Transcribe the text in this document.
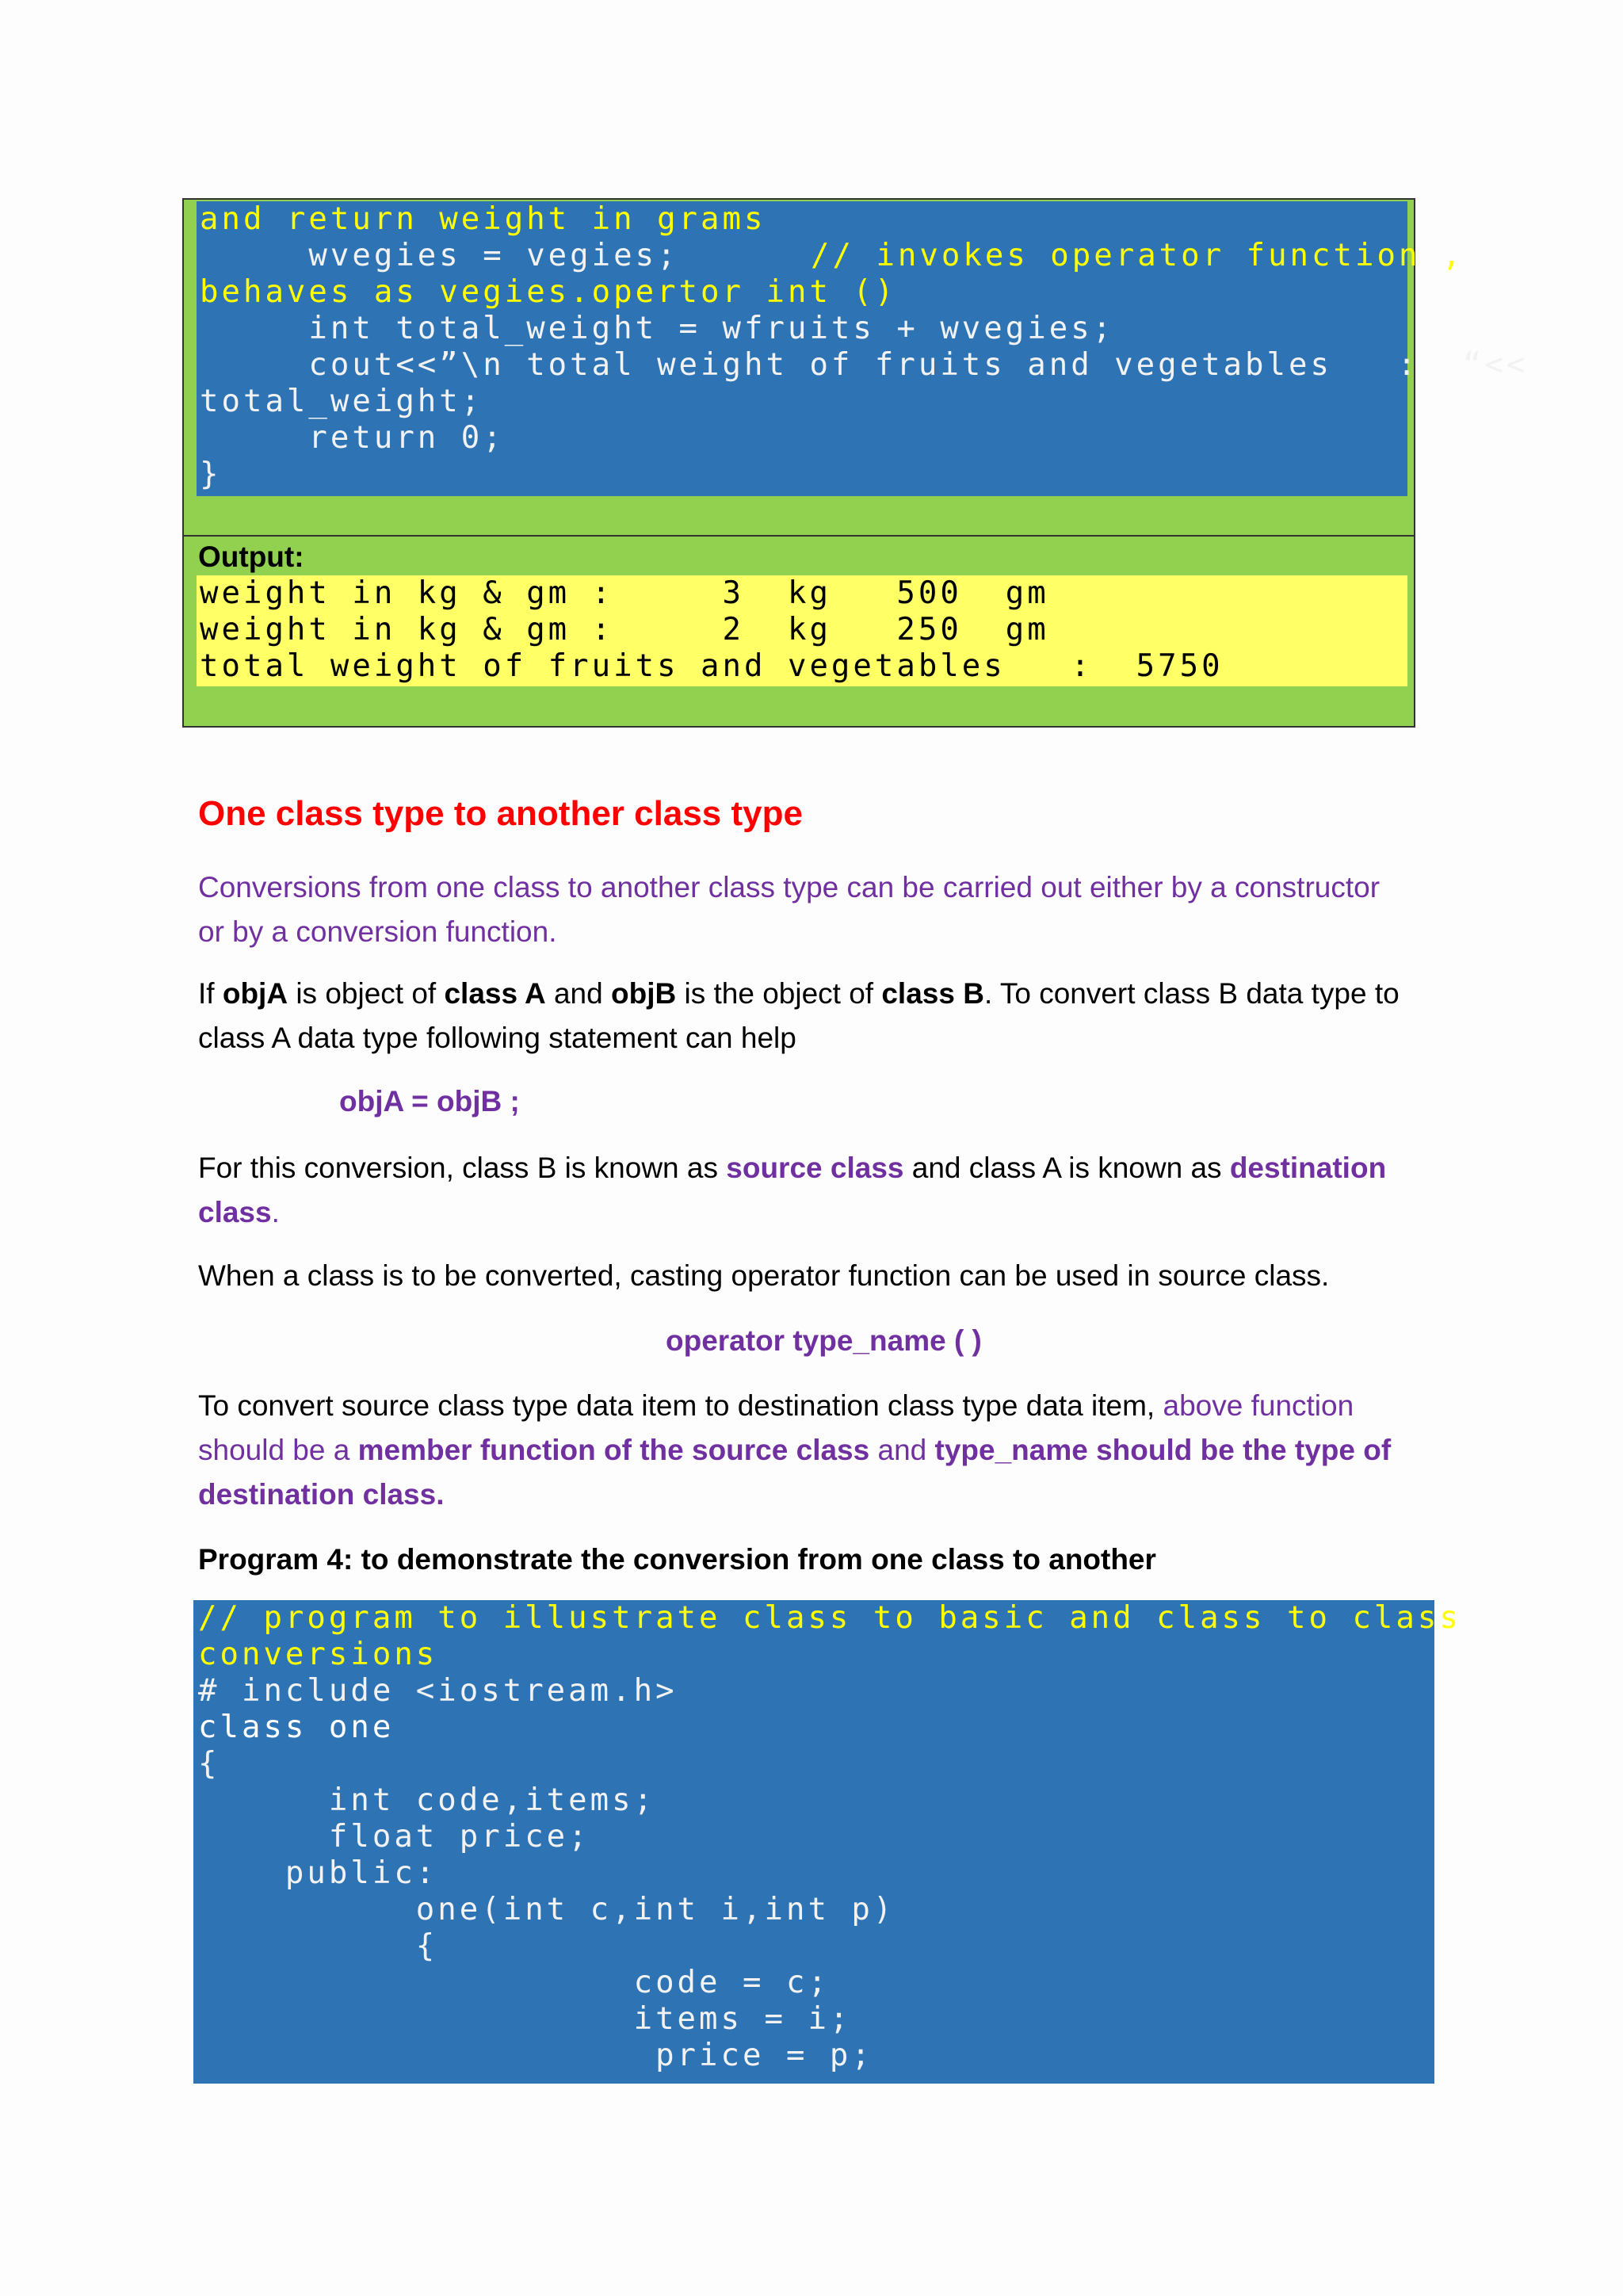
and return weight in grams
wvegies = vegies;	// invokes operator function ,
behaves as vegies.opertor int ()
int total_weight = wfruits + wvegies;
cout<<”\n total weight of fruits and vegetables   :  “<<
total_weight;
return 0;
}
Output:
weight in kg & gm :     3  kg   500  gm
weight in kg & gm :     2  kg   250  gm
total weight of fruits and vegetables   :  5750
One class type to another class type
Conversions from one class to another class type can be carried out either by a constructor
or by a conversion function.
If objA is object of class A and objB is the object of class B. To convert class B data type to
class A data type following statement can help
objA = objB ;
For this conversion, class B is known as source class and class A is known as destination
class.
When a class is to be converted, casting operator function can be used in source class.
operator type_name ( )
To convert source class type data item to destination class type data item, above function
should be a member function of the source class and type_name should be the type of
destination class.
Program 4: to demonstrate the conversion from one class to another
// program to illustrate class to basic and class to class
conversions
# include <iostream.h>
class one
{
int code,items;
float price;
public:
one(int c,int i,int p)
{
code = c;
items = i;
price = p;
